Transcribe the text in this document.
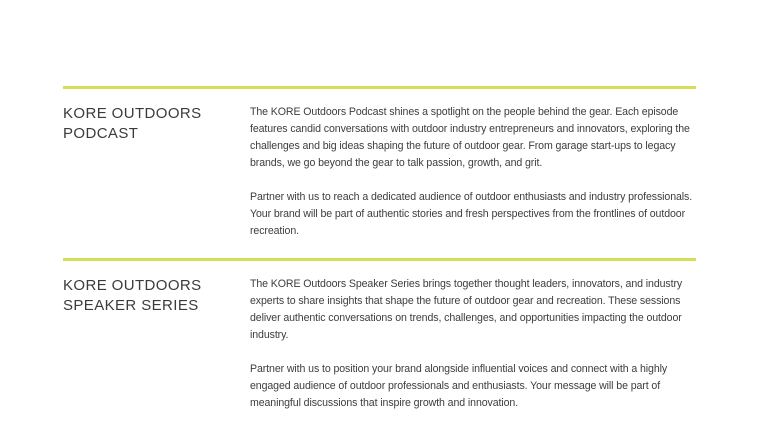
KORE OUTDOORS PODCAST

The KORE Outdoors Podcast shines a spotlight on the people behind the gear. Each episode features candid conversations with outdoor industry entrepreneurs and innovators, exploring the challenges and big ideas shaping the future of outdoor gear. From garage start-ups to legacy brands, we go beyond the gear to talk passion, growth, and grit.

Partner with us to reach a dedicated audience of outdoor enthusiasts and industry professionals. Your brand will be part of authentic stories and fresh perspectives from the frontlines of outdoor recreation.

KORE OUTDOORS SPEAKER SERIES

The KORE Outdoors Speaker Series brings together thought leaders, innovators, and industry experts to share insights that shape the future of outdoor gear and recreation. These sessions deliver authentic conversations on trends, challenges, and opportunities impacting the outdoor industry.

Partner with us to position your brand alongside influential voices and connect with a highly engaged audience of outdoor professionals and enthusiasts. Your message will be part of meaningful discussions that inspire growth and innovation.
